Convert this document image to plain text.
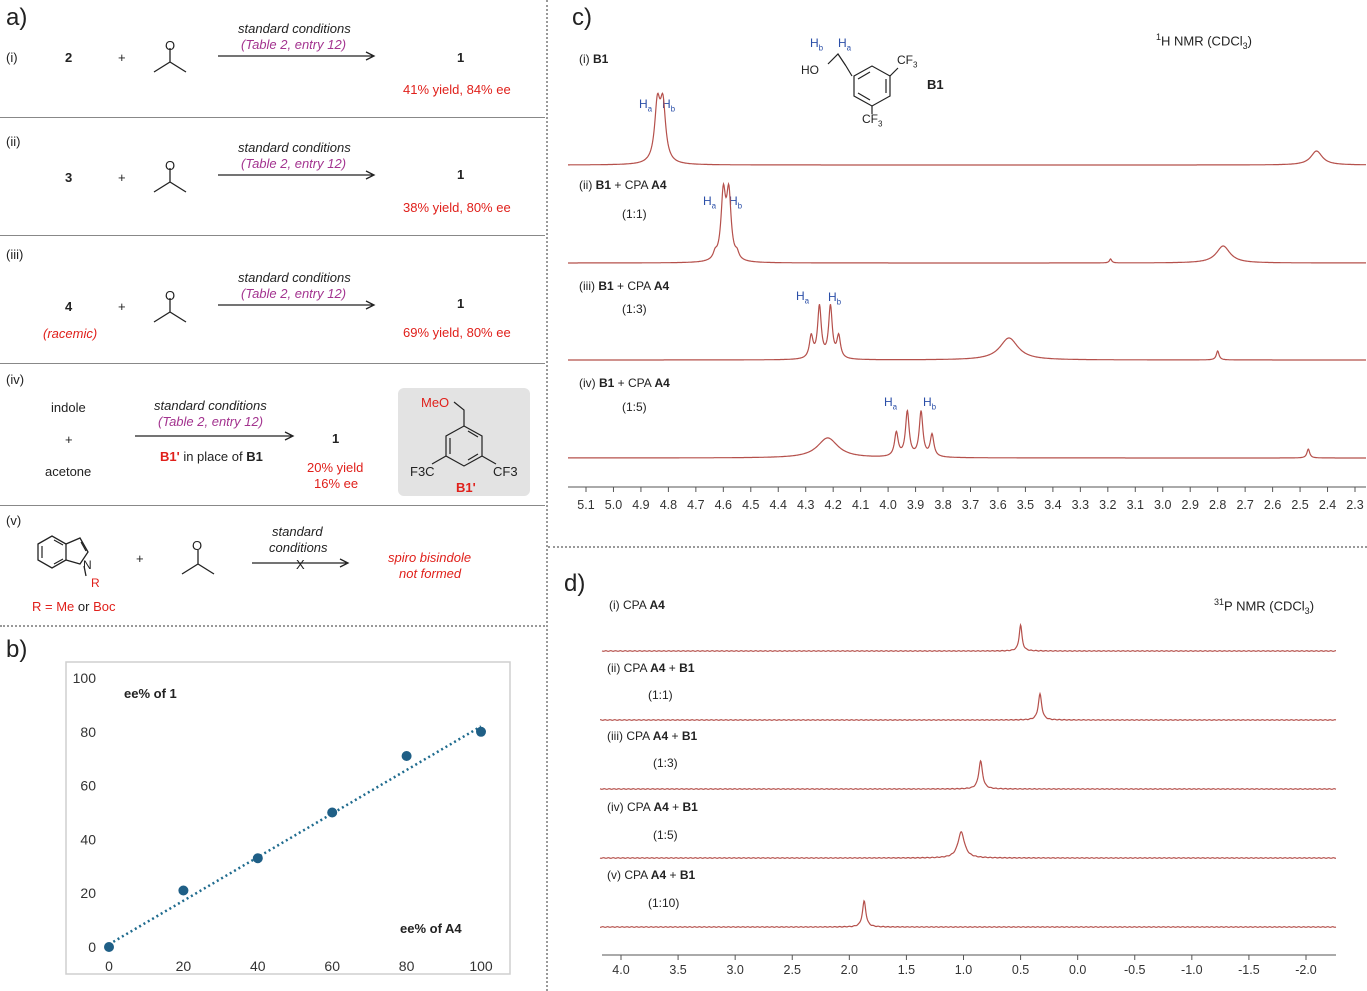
a)
(i)	2	+
O
standard conditions
(Table 2, entry 12)
1
41% yield, 84% ee
(ii)
3	+
O
standard conditions
(Table 2, entry 12)
1
38% yield, 80% ee
(iii)
4
(racemic)
+
O
standard conditions
(Table 2, entry 12)
1
69% yield, 80% ee
(iv)
indole
+
acetone
standard conditions
(Table 2, entry 12)
B1' in place of B1
1
20% yield
16% ee
MeO
F3C	CF3
B1'
(v)
N
R
+
O
standard
conditions
X	spiro bisindole
not formed
R = Me or Boc
b)
0
20
40
60
80
100
0	20	40	60	80	100
ee% of 1
ee% of A4
c)
$^1$H NMR (CDCl$_3$)
$H_b$ $H_a$
HO
$CF_3$
$CF_3$
B1
(i) B1
(ii) B1 + CPA A4
(1:1)
(iii) B1 + CPA A4
(1:3)
(iv) B1 + CPA A4
(1:5)
$H_a$ $H_b$
$H_a$ $H_b$
$H_a$ $H_b$
$H_a$ $H_b$
5.1 5.0 4.9 4.8 4.7 4.6 4.5 4.4 4.3 4.2 4.1 4.0 3.9 3.8 3.7 3.6 3.5 3.4 3.3 3.2 3.1 3.0 2.9 2.8 2.7 2.6 2.5 2.4 2.3
d)
$^{31}$P NMR (CDCl$_3$)
(i) CPA A4
(ii) CPA A4 + B1
(1:1)
(iii) CPA A4 + B1
(1:3)
(iv) CPA A4 + B1
(1:5)
(v) CPA A4 + B1
(1:10)
4.0	3.5	3.0	2.5	2.0	1.5	1.0	0.5	0.0	-0.5	-1.0	-1.5	-2.0
